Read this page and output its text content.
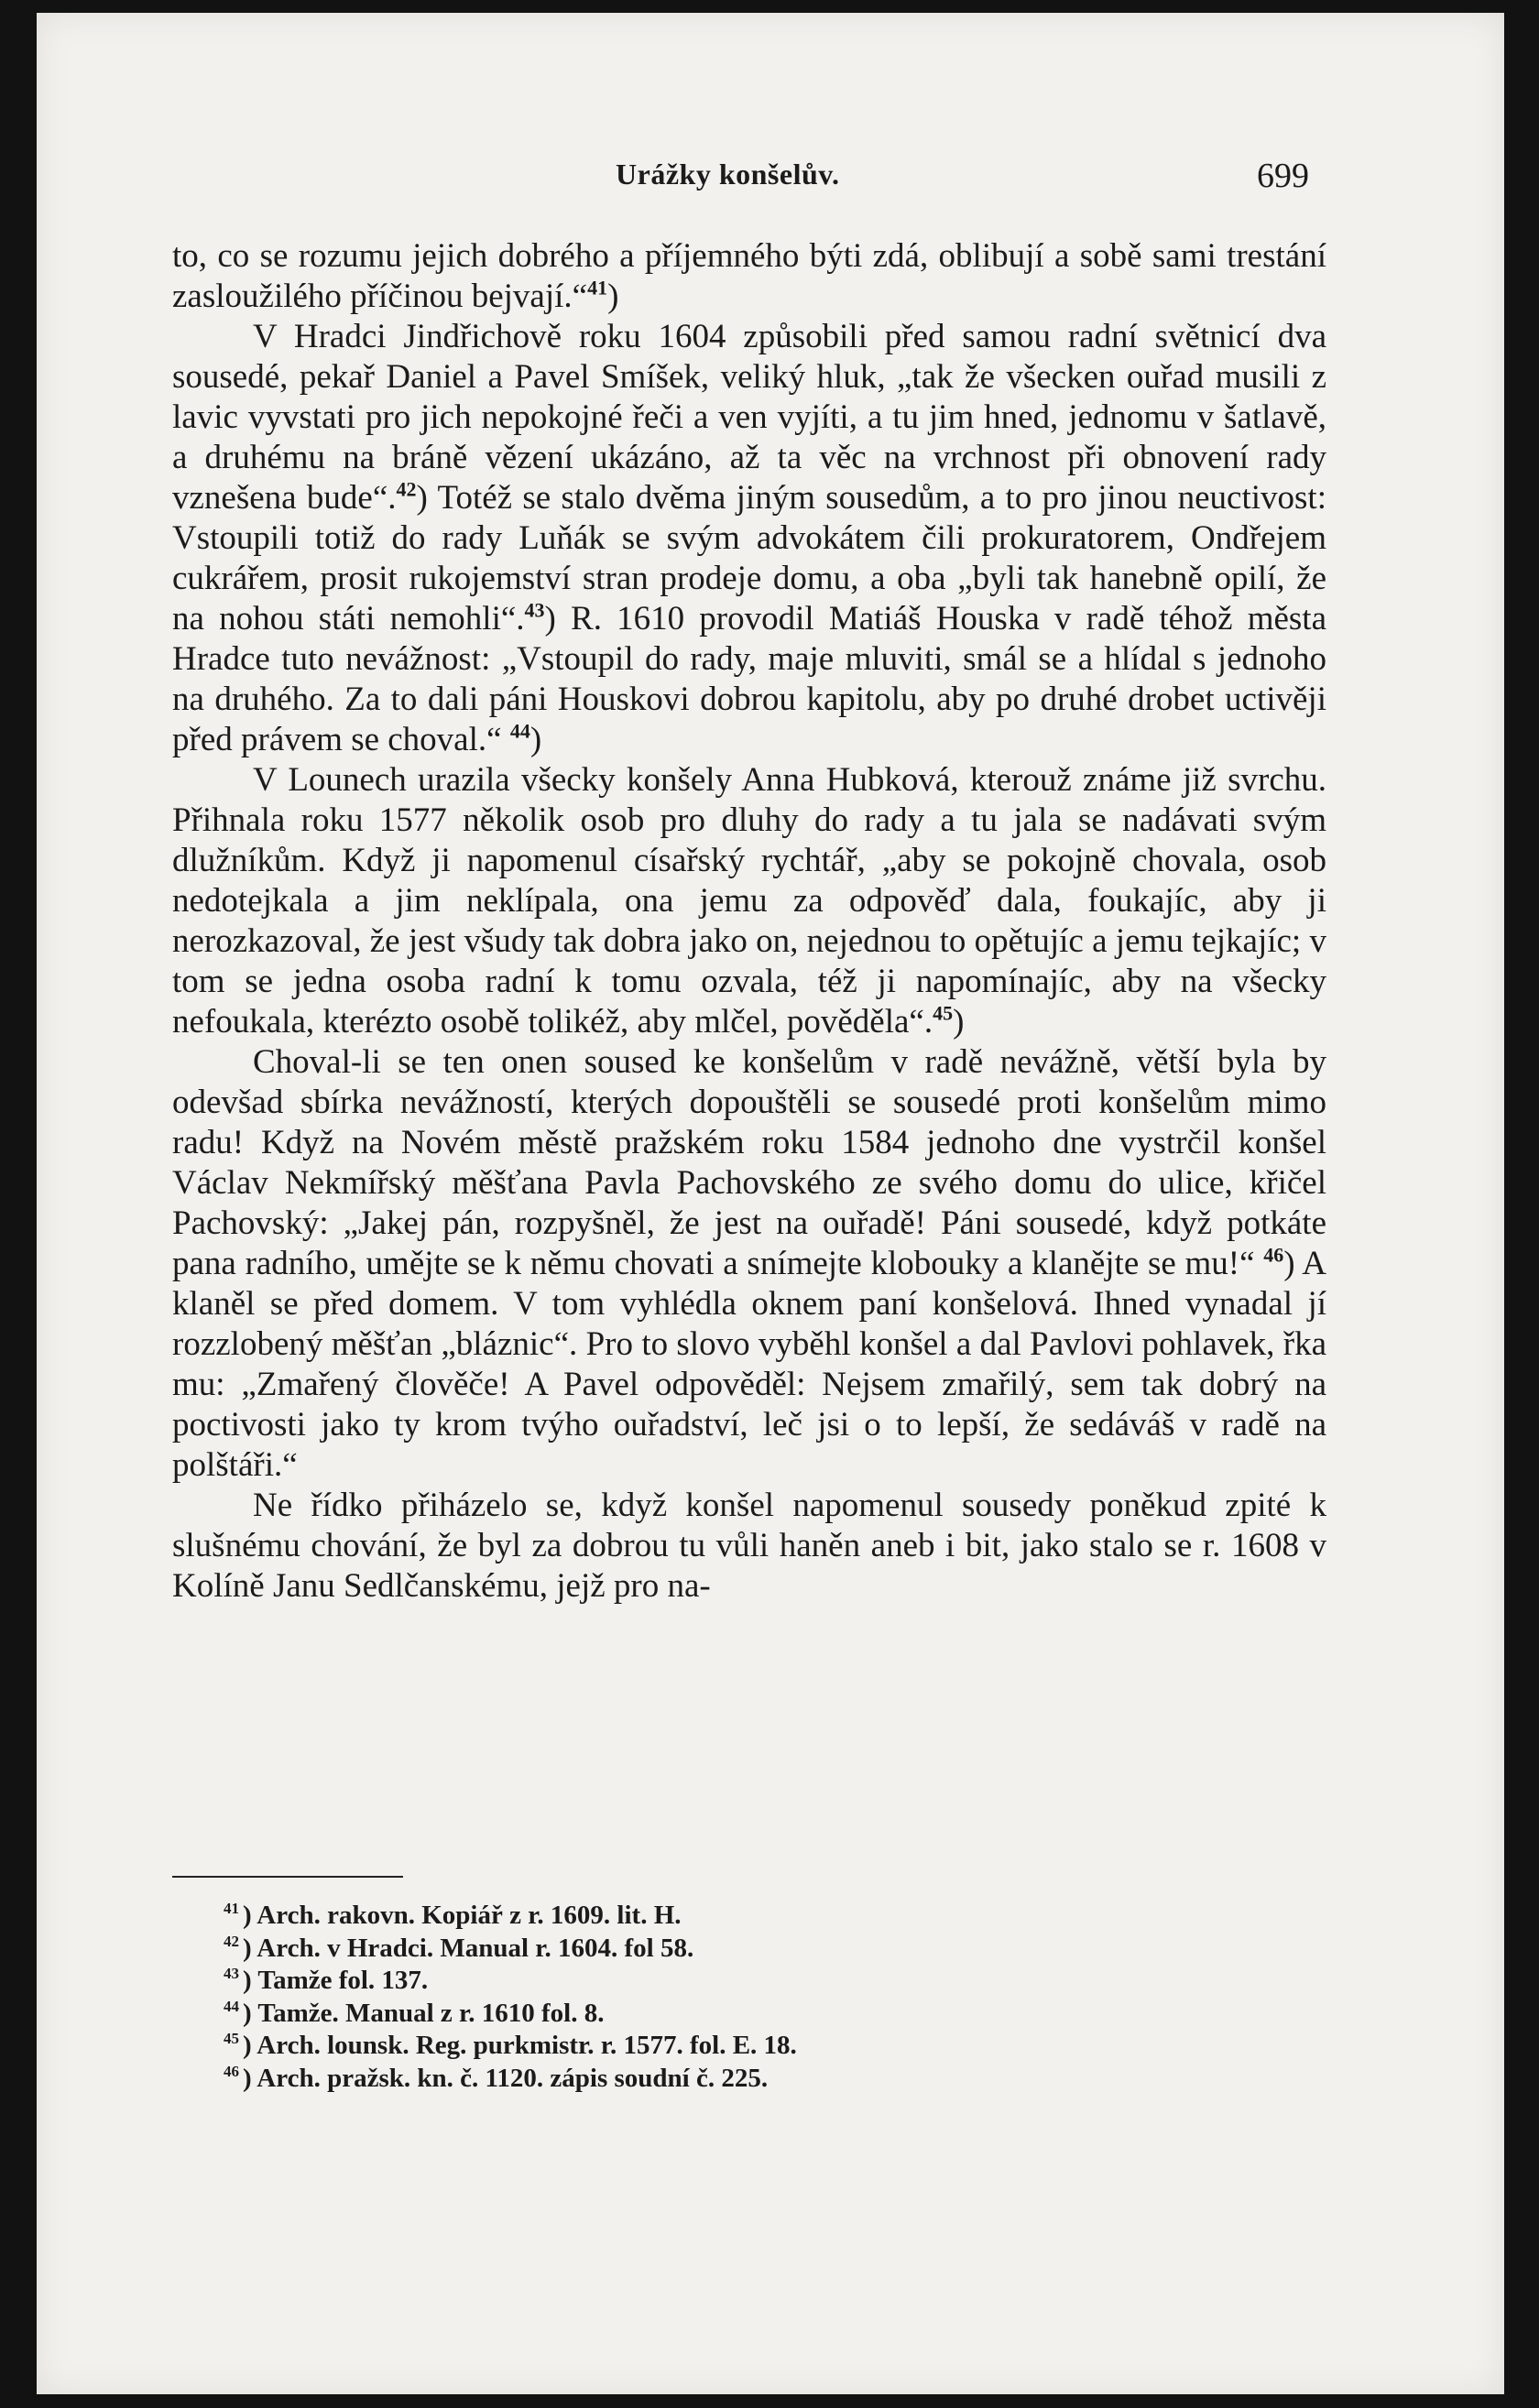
Urážky konšelův.	699

to, co se rozumu jejich dobrého a příjemného býti zdá, oblibují a sobě sami trestání zasloužilého příčinou bejvají.“$^{41}$)

V Hradci Jindřichově roku 1604 způsobili před samou radní světnicí dva sousedé, pekař Daniel a Pavel Smíšek, veliký hluk, „tak že všecken ouřad musili z lavic vyvstati pro jich nepokojné řeči a ven vyjíti, a tu jim hned, jednomu v šatlavě, a druhému na bráně vězení ukázáno, až ta věc na vrchnost při obnovení rady vznešena bude“.$^{42}$) Totéž se stalo dvěma jiným sousedům, a to pro jinou neuctivost: Vstoupili totiž do rady Luňák se svým advokátem čili prokuratorem, Ondřejem cukrářem, prosit rukojemství stran prodeje domu, a oba „byli tak hanebně opilí, že na nohou státi nemohli“.$^{43}$) R. 1610 provodil Matiáš Houska v radě téhož města Hradce tuto nevážnost: „Vstoupil do rady, maje mluviti, smál se a hlídal s jednoho na druhého. Za to dali páni Houskovi dobrou kapitolu, aby po druhé drobet uctivěji před právem se choval.“ $^{44}$)

V Lounech urazila všecky konšely Anna Hubková, kterouž známe již svrchu. Přihnala roku 1577 několik osob pro dluhy do rady a tu jala se nadávati svým dlužníkům. Když ji napomenul císařský rychtář, „aby se pokojně chovala, osob nedotejkala a jim neklípala, ona jemu za odpověď dala, foukajíc, aby ji nerozkazoval, že jest všudy tak dobra jako on, nejednou to opětujíc a jemu tejkajíc; v tom se jedna osoba radní k tomu ozvala, též ji napomínajíc, aby na všecky nefoukala, kterézto osobě tolikéž, aby mlčel, pověděla“.$^{45}$)

Choval-li se ten onen soused ke konšelům v radě nevážně, větší byla by odevšad sbírka nevážností, kterých dopouštěli se sousedé proti konšelům mimo radu! Když na Novém městě pražském roku 1584 jednoho dne vystrčil konšel Václav Nekmířský měšťana Pavla Pachovského ze svého domu do ulice, křičel Pachovský: „Jakej pán, rozpyšněl, že jest na ouřadě! Páni sousedé, když potkáte pana radního, umějte se k němu chovati a snímejte klobouky a klanějte se mu!“ $^{46}$) A klaněl se před domem. V tom vyhlédla oknem paní konšelová. Ihned vynadal jí rozzlobený měšťan „bláznic“. Pro to slovo vyběhl konšel a dal Pavlovi pohlavek, řka mu: „Zmařený člověče! A Pavel odpověděl: Nejsem zmařilý, sem tak dobrý na poctivosti jako ty krom tvýho ouřadství, leč jsi o to lepší, že sedáváš v radě na polštáři.“

Ne řídko přiházelo se, když konšel napomenul sousedy poněkud zpité k slušnému chování, že byl za dobrou tu vůli haněn aneb i bit, jako stalo se r. 1608 v Kolíně Janu Sedlčanskému, jejž pro na-

$^{41}$ ) Arch. rakovn. Kopiář z r. 1609. lit. H.
$^{42}$ ) Arch. v Hradci. Manual r. 1604. fol 58.
$^{43}$ ) Tamže fol. 137.
$^{44}$ ) Tamže. Manual z r. 1610 fol. 8.
$^{45}$ ) Arch. lounsk. Reg. purkmistr. r. 1577. fol. E. 18.
$^{46}$ ) Arch. pražsk. kn. č. 1120. zápis soudní č. 225.
